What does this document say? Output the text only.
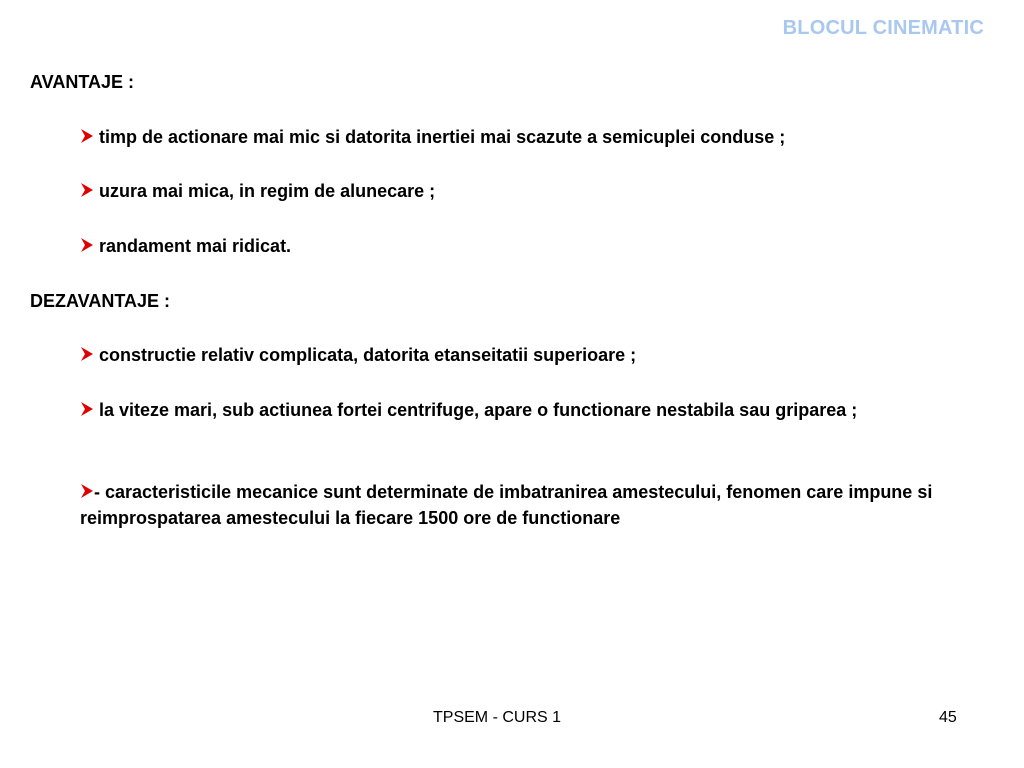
BLOCUL CINEMATIC
AVANTAJE :
timp de actionare mai mic si datorita inertiei mai scazute a semicuplei conduse ;
uzura mai mica, in regim de alunecare ;
randament mai ridicat.
DEZAVANTAJE :
constructie relativ complicata, datorita etanseitatii superioare ;
la viteze mari, sub actiunea fortei centrifuge, apare o functionare nestabila sau griparea ;
- caracteristicile mecanice sunt determinate de imbatranirea amestecului, fenomen care impune si reimprospatarea amestecului la fiecare 1500 ore de functionare
TPSEM - CURS 1	45
